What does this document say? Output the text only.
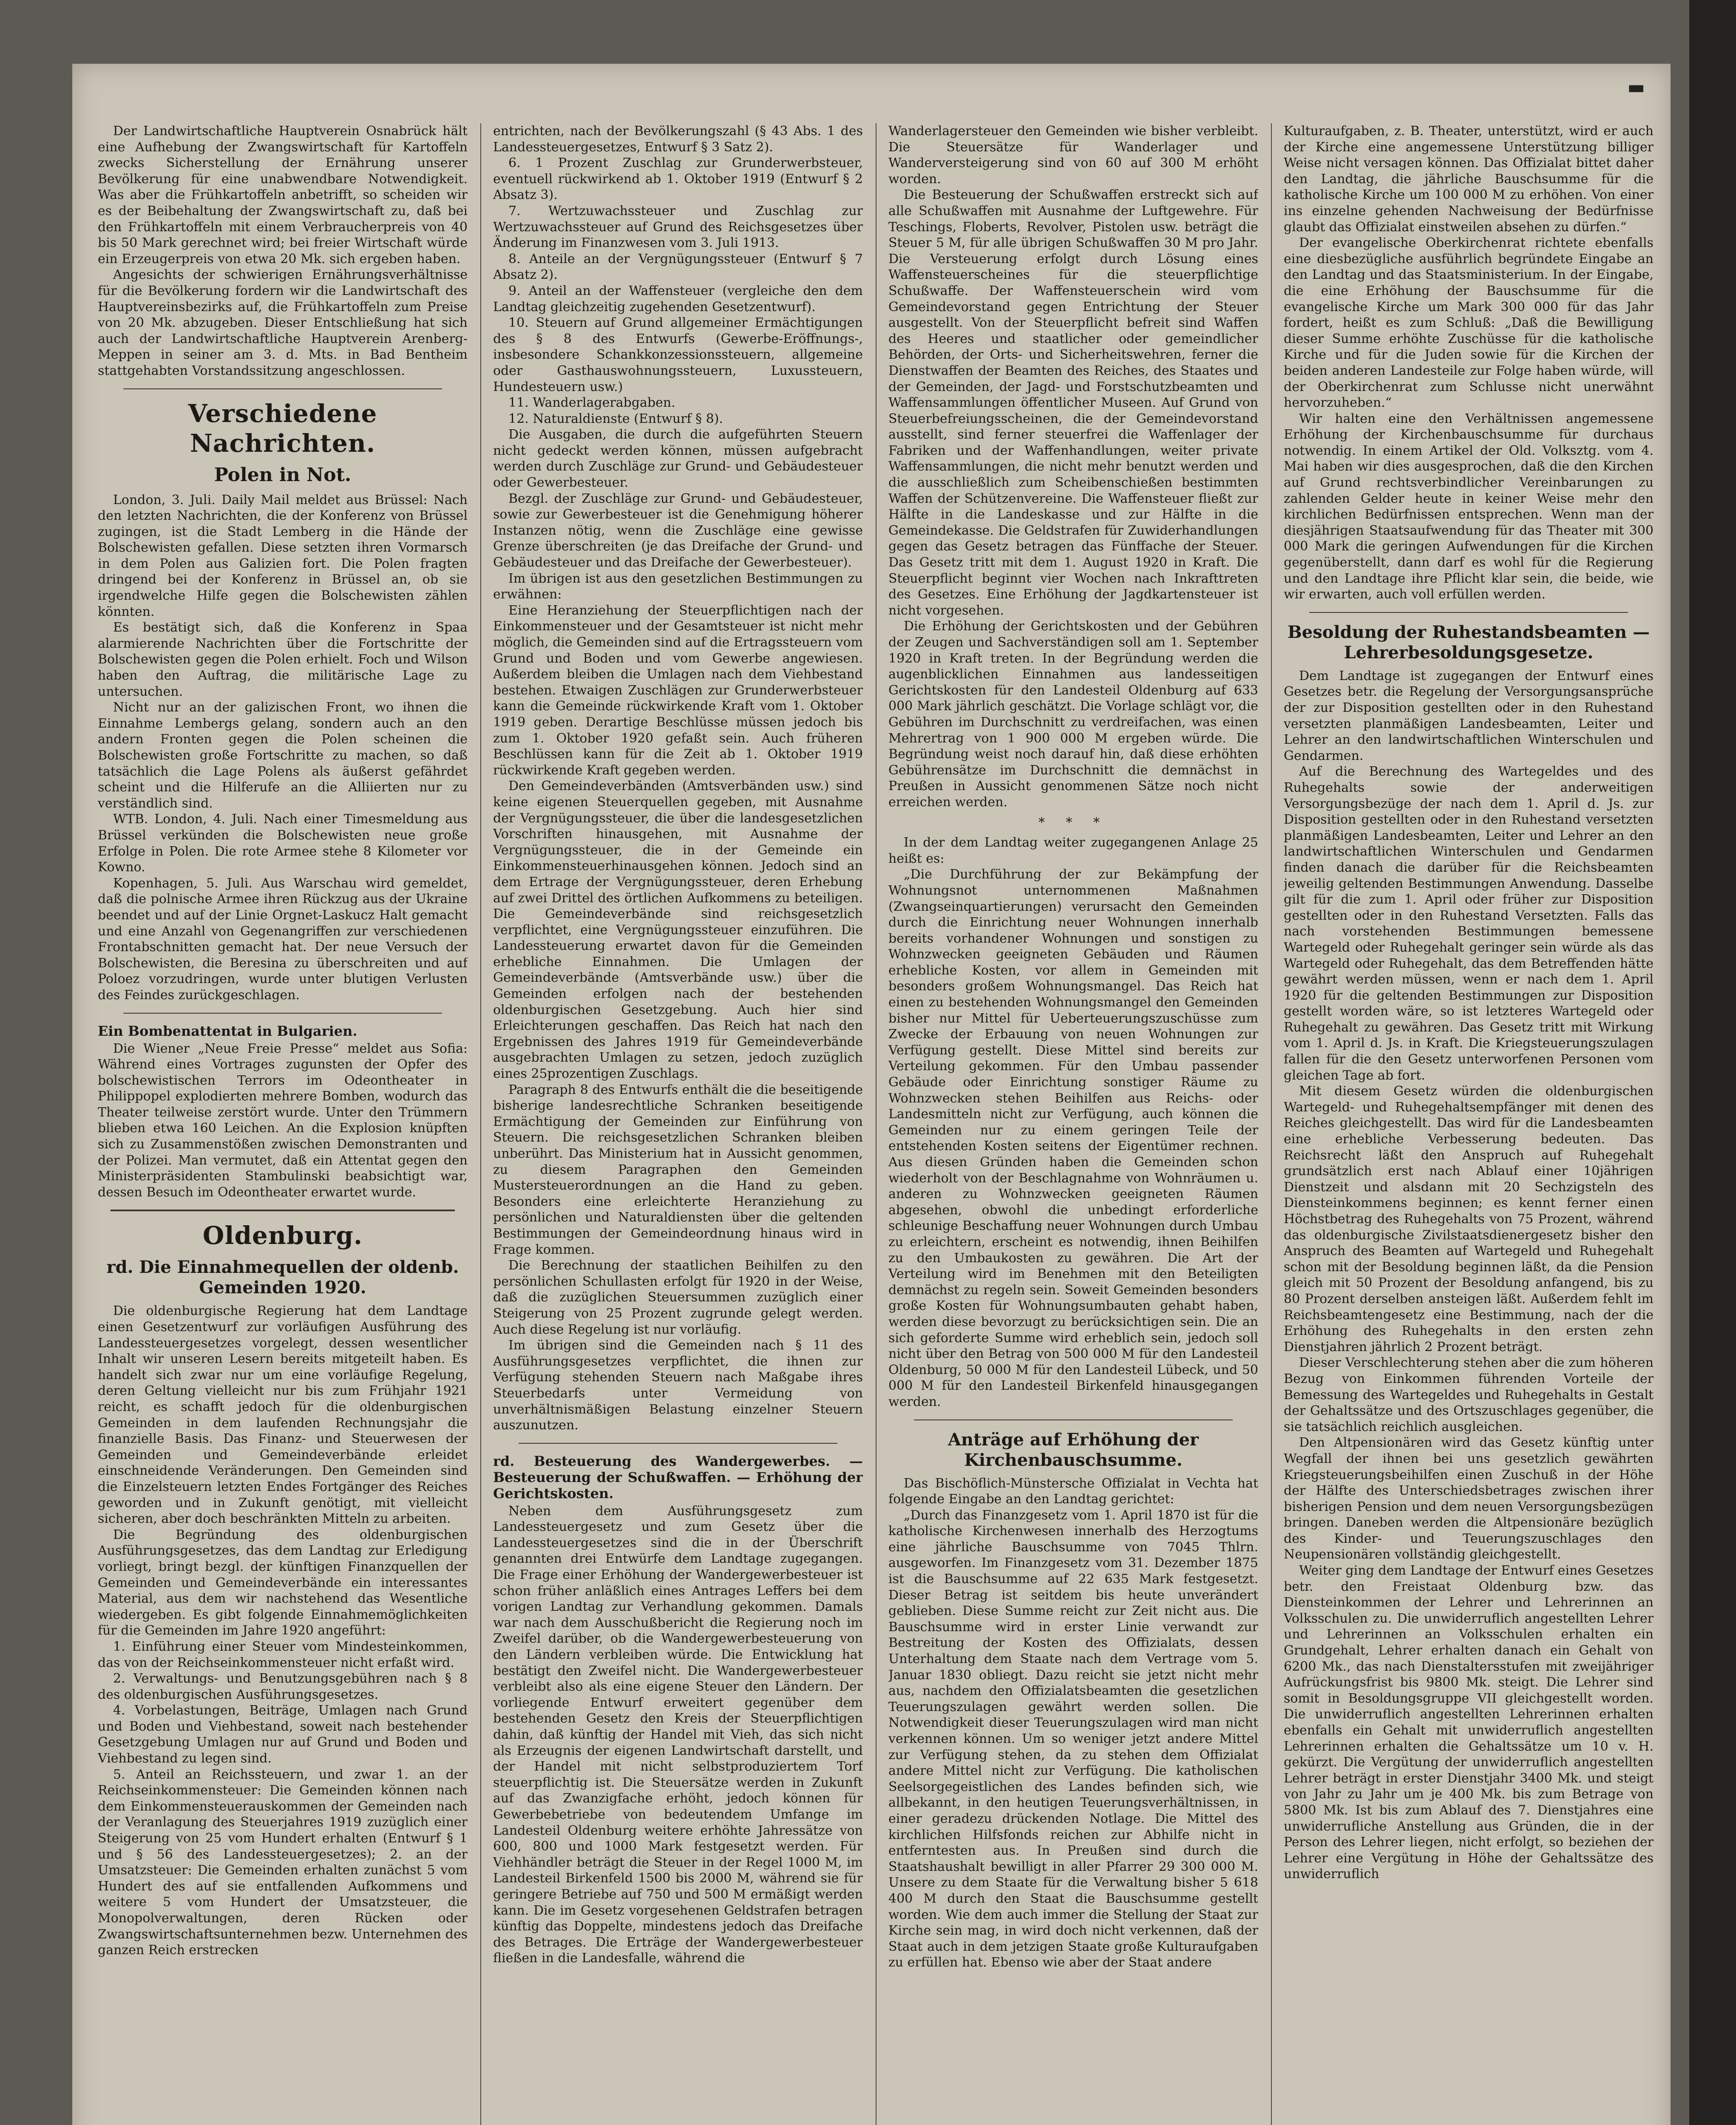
▬

Der Landwirtschaftliche Hauptverein Osnabrück hält eine Aufhebung der Zwangswirtschaft für Kartoffeln zwecks Sicherstellung der Ernährung unserer Bevölkerung für eine unabwendbare Notwendigkeit. Was aber die Frühkartoffeln anbetrifft, so scheiden wir es der Beibehaltung der Zwangswirtschaft zu, daß bei den Frühkartoffeln mit einem Verbraucherpreis von 40 bis 50 Mark gerechnet wird; bei freier Wirtschaft würde ein Erzeugerpreis von etwa 20 Mk. sich ergeben haben.

Angesichts der schwierigen Ernährungsverhältnisse für die Bevölkerung fordern wir die Landwirtschaft des Hauptvereinsbezirks auf, die Frühkartoffeln zum Preise von 20 Mk. abzugeben. Dieser Entschließung hat sich auch der Landwirtschaftliche Hauptverein Arenberg-Meppen in seiner am 3. d. Mts. in Bad Bentheim stattgehabten Vorstandssitzung angeschlossen.

Verschiedene Nachrichten.
Polen in Not.

London, 3. Juli. Daily Mail meldet aus Brüssel: Nach den letzten Nachrichten, die der Konferenz von Brüssel zugingen, ist die Stadt Lemberg in die Hände der Bolschewisten gefallen. Diese setzten ihren Vormarsch in dem Polen aus Galizien fort. Die Polen fragten dringend bei der Konferenz in Brüssel an, ob sie irgendwelche Hilfe gegen die Bolschewisten zählen könnten.

Es bestätigt sich, daß die Konferenz in Spaa alarmierende Nachrichten über die Fortschritte der Bolschewisten gegen die Polen erhielt. Foch und Wilson haben den Auftrag, die militärische Lage zu untersuchen.

Nicht nur an der galizischen Front, wo ihnen die Einnahme Lembergs gelang, sondern auch an den andern Fronten gegen die Polen scheinen die Bolschewisten große Fortschritte zu machen, so daß tatsächlich die Lage Polens als äußerst gefährdet scheint und die Hilferufe an die Alliierten nur zu verständlich sind.

WTB. London, 4. Juli. Nach einer Timesmeldung aus Brüssel verkünden die Bolschewisten neue große Erfolge in Polen. Die rote Armee stehe 8 Kilometer vor Kowno.

Kopenhagen, 5. Juli. Aus Warschau wird gemeldet, daß die polnische Armee ihren Rückzug aus der Ukraine beendet und auf der Linie Orgnet-Laskucz Halt gemacht und eine Anzahl von Gegenangriffen zur verschiedenen Frontabschnitten gemacht hat. Der neue Versuch der Bolschewisten, die Beresina zu überschreiten und auf Poloez vorzudringen, wurde unter blutigen Verlusten des Feindes zurückgeschlagen.

Ein Bombenattentat in Bulgarien.

Die Wiener „Neue Freie Presse“ meldet aus Sofia: Während eines Vortrages zugunsten der Opfer des bolschewistischen Terrors im Odeontheater in Philippopel explodierten mehrere Bomben, wodurch das Theater teilweise zerstört wurde. Unter den Trümmern blieben etwa 160 Leichen. An die Explosion knüpften sich zu Zusammenstößen zwischen Demonstranten und der Polizei. Man vermutet, daß ein Attentat gegen den Ministerpräsidenten Stambulinski beabsichtigt war, dessen Besuch im Odeontheater erwartet wurde.

Oldenburg.
rd. Die Einnahmequellen der oldenb. Gemeinden 1920.

Die oldenburgische Regierung hat dem Landtage einen Gesetzentwurf zur vorläufigen Ausführung des Landessteuergesetzes vorgelegt, dessen wesentlicher Inhalt wir unseren Lesern bereits mitgeteilt haben. Es handelt sich zwar nur um eine vorläufige Regelung, deren Geltung vielleicht nur bis zum Frühjahr 1921 reicht, es schafft jedoch für die oldenburgischen Gemeinden in dem laufenden Rechnungsjahr die finanzielle Basis. Das Finanz- und Steuerwesen der Gemeinden und Gemeindeverbände erleidet einschneidende Veränderungen. Den Gemeinden sind die Einzelsteuern letzten Endes Fortgänger des Reiches geworden und in Zukunft genötigt, mit vielleicht sicheren, aber doch beschränkten Mitteln zu arbeiten.

Die Begründung des oldenburgischen Ausführungsgesetzes, das dem Landtag zur Erledigung vorliegt, bringt bezgl. der künftigen Finanzquellen der Gemeinden und Gemeindeverbände ein interessantes Material, aus dem wir nachstehend das Wesentliche wiedergeben. Es gibt folgende Einnahmemöglichkeiten für die Gemeinden im Jahre 1920 angeführt:

1. Einführung einer Steuer vom Mindesteinkommen, das von der Reichseinkommensteuer nicht erfaßt wird.

2. Verwaltungs- und Benutzungsgebühren nach § 8 des oldenburgischen Ausführungsgesetzes.

4. Vorbelastungen, Beiträge, Umlagen nach Grund und Boden und Viehbestand, soweit nach bestehender Gesetzgebung Umlagen nur auf Grund und Boden und Viehbestand zu legen sind.

5. Anteil an Reichssteuern, und zwar 1. an der Reichseinkommensteuer: Die Gemeinden können nach dem Einkommensteuerauskommen der Gemeinden nach der Veranlagung des Steuerjahres 1919 zuzüglich einer Steigerung von 25 vom Hundert erhalten (Entwurf § 1 und § 56 des Landessteuergesetzes); 2. an der Umsatzsteuer: Die Gemeinden erhalten zunächst 5 vom Hundert des auf sie entfallenden Aufkommens und weitere 5 vom Hundert der Umsatzsteuer, die Monopolverwaltungen, deren Rücken oder Zwangswirtschaftsunternehmen bezw. Unternehmen des ganzen Reich erstrecken

entrichten, nach der Bevölkerungszahl (§ 43 Abs. 1 des Landessteuergesetzes, Entwurf § 3 Satz 2).

6. 1 Prozent Zuschlag zur Grunderwerbsteuer, eventuell rückwirkend ab 1. Oktober 1919 (Entwurf § 2 Absatz 3).

7. Wertzuwachssteuer und Zuschlag zur Wertzuwachssteuer auf Grund des Reichsgesetzes über Änderung im Finanzwesen vom 3. Juli 1913.

8. Anteile an der Vergnügungssteuer (Entwurf § 7 Absatz 2).

9. Anteil an der Waffensteuer (vergleiche den dem Landtag gleichzeitig zugehenden Gesetzentwurf).

10. Steuern auf Grund allgemeiner Ermächtigungen des § 8 des Entwurfs (Gewerbe-Eröffnungs-, insbesondere Schankkonzessionssteuern, allgemeine oder Gasthauswohnungssteuern, Luxussteuern, Hundesteuern usw.)

11. Wanderlagerabgaben.

12. Naturaldienste (Entwurf § 8).

Die Ausgaben, die durch die aufgeführten Steuern nicht gedeckt werden können, müssen aufgebracht werden durch Zuschläge zur Grund- und Gebäudesteuer oder Gewerbesteuer.

Bezgl. der Zuschläge zur Grund- und Gebäudesteuer, sowie zur Gewerbesteuer ist die Genehmigung höherer Instanzen nötig, wenn die Zuschläge eine gewisse Grenze überschreiten (je das Dreifache der Grund- und Gebäudesteuer und das Dreifache der Gewerbesteuer).

Im übrigen ist aus den gesetzlichen Bestimmungen zu erwähnen:

Eine Heranziehung der Steuerpflichtigen nach der Einkommensteuer und der Gesamtsteuer ist nicht mehr möglich, die Gemeinden sind auf die Ertragssteuern vom Grund und Boden und vom Gewerbe angewiesen. Außerdem bleiben die Umlagen nach dem Viehbestand bestehen. Etwaigen Zuschlägen zur Grunderwerbsteuer kann die Gemeinde rückwirkende Kraft vom 1. Oktober 1919 geben. Derartige Beschlüsse müssen jedoch bis zum 1. Oktober 1920 gefaßt sein. Auch früheren Beschlüssen kann für die Zeit ab 1. Oktober 1919 rückwirkende Kraft gegeben werden.

Den Gemeindeverbänden (Amtsverbänden usw.) sind keine eigenen Steuerquellen gegeben, mit Ausnahme der Vergnügungssteuer, die über die landesgesetzlichen Vorschriften hinausgehen, mit Ausnahme der Vergnügungssteuer, die in der Gemeinde ein Einkommensteuerhinausgehen können. Jedoch sind an dem Ertrage der Vergnügungssteuer, deren Erhebung auf zwei Drittel des örtlichen Aufkommens zu beteiligen. Die Gemeindeverbände sind reichsgesetzlich verpflichtet, eine Vergnügungssteuer einzuführen. Die Landessteuerung erwartet davon für die Gemeinden erhebliche Einnahmen. Die Umlagen der Gemeindeverbände (Amtsverbände usw.) über die Gemeinden erfolgen nach der bestehenden oldenburgischen Gesetzgebung. Auch hier sind Erleichterungen geschaffen. Das Reich hat nach den Ergebnissen des Jahres 1919 für Gemeindeverbände ausgebrachten Umlagen zu setzen, jedoch zuzüglich eines 25prozentigen Zuschlags.

Paragraph 8 des Entwurfs enthält die die beseitigende bisherige landesrechtliche Schranken beseitigende Ermächtigung der Gemeinden zur Einführung von Steuern. Die reichsgesetzlichen Schranken bleiben unberührt. Das Ministerium hat in Aussicht genommen, zu diesem Paragraphen den Gemeinden Mustersteuerordnungen an die Hand zu geben. Besonders eine erleichterte Heranziehung zu persönlichen und Naturaldiensten über die geltenden Bestimmungen der Gemeindeordnung hinaus wird in Frage kommen.

Die Berechnung der staatlichen Beihilfen zu den persönlichen Schullasten erfolgt für 1920 in der Weise, daß die zuzüglichen Steuersummen zuzüglich einer Steigerung von 25 Prozent zugrunde gelegt werden. Auch diese Regelung ist nur vorläufig.

Im übrigen sind die Gemeinden nach § 11 des Ausführungsgesetzes verpflichtet, die ihnen zur Verfügung stehenden Steuern nach Maßgabe ihres Steuerbedarfs unter Vermeidung von unverhältnismäßigen Belastung einzelner Steuern auszunutzen.

rd. Besteuerung des Wandergewerbes. — Besteuerung der Schußwaffen. — Erhöhung der Gerichtskosten.

Neben dem Ausführungsgesetz zum Landessteuergesetz und zum Gesetz über die Landessteuergesetzes sind die in der Überschrift genannten drei Entwürfe dem Landtage zugegangen. Die Frage einer Erhöhung der Wandergewerbesteuer ist schon früher anläßlich eines Antrages Leffers bei dem vorigen Landtag zur Verhandlung gekommen. Damals war nach dem Ausschußbericht die Regierung noch im Zweifel darüber, ob die Wandergewerbesteuerung von den Ländern verbleiben würde. Die Entwicklung hat bestätigt den Zweifel nicht. Die Wandergewerbesteuer verbleibt also als eine eigene Steuer den Ländern. Der vorliegende Entwurf erweitert gegenüber dem bestehenden Gesetz den Kreis der Steuerpflichtigen dahin, daß künftig der Handel mit Vieh, das sich nicht als Erzeugnis der eigenen Landwirtschaft darstellt, und der Handel mit nicht selbstproduziertem Torf steuerpflichtig ist. Die Steuersätze werden in Zukunft auf das Zwanzigfache erhöht, jedoch können für Gewerbebetriebe von bedeutendem Umfange im Landesteil Oldenburg weitere erhöhte Jahressätze von 600, 800 und 1000 Mark festgesetzt werden. Für Viehhändler beträgt die Steuer in der Regel 1000 M, im Landesteil Birkenfeld 1500 bis 2000 M, während sie für geringere Betriebe auf 750 und 500 M ermäßigt werden kann. Die im Gesetz vorgesehenen Geldstrafen betragen künftig das Doppelte, mindestens jedoch das Dreifache des Betrages. Die Erträge der Wandergewerbesteuer fließen in die Landesfalle, während die

Wanderlagersteuer den Gemeinden wie bisher verbleibt. Die Steuersätze für Wanderlager und Wanderversteigerung sind von 60 auf 300 M erhöht worden.

Die Besteuerung der Schußwaffen erstreckt sich auf alle Schußwaffen mit Ausnahme der Luftgewehre. Für Teschings, Floberts, Revolver, Pistolen usw. beträgt die Steuer 5 M, für alle übrigen Schußwaffen 30 M pro Jahr. Die Versteuerung erfolgt durch Lösung eines Waffensteuerscheines für die steuerpflichtige Schußwaffe. Der Waffensteuerschein wird vom Gemeindevorstand gegen Entrichtung der Steuer ausgestellt. Von der Steuerpflicht befreit sind Waffen des Heeres und staatlicher oder gemeindlicher Behörden, der Orts- und Sicherheitswehren, ferner die Dienstwaffen der Beamten des Reiches, des Staates und der Gemeinden, der Jagd- und Forstschutzbeamten und Waffensammlungen öffentlicher Museen. Auf Grund von Steuerbefreiungsscheinen, die der Gemeindevorstand ausstellt, sind ferner steuerfrei die Waffenlager der Fabriken und der Waffenhandlungen, weiter private Waffensammlungen, die nicht mehr benutzt werden und die ausschließlich zum Scheibenschießen bestimmten Waffen der Schützenvereine. Die Waffensteuer fließt zur Hälfte in die Landeskasse und zur Hälfte in die Gemeindekasse. Die Geldstrafen für Zuwiderhandlungen gegen das Gesetz betragen das Fünffache der Steuer. Das Gesetz tritt mit dem 1. August 1920 in Kraft. Die Steuerpflicht beginnt vier Wochen nach Inkrafttreten des Gesetzes. Eine Erhöhung der Jagdkartensteuer ist nicht vorgesehen.

Die Erhöhung der Gerichtskosten und der Gebühren der Zeugen und Sachverständigen soll am 1. September 1920 in Kraft treten. In der Begründung werden die augenblicklichen Einnahmen aus landesseitigen Gerichtskosten für den Landesteil Oldenburg auf 633 000 Mark jährlich geschätzt. Die Vorlage schlägt vor, die Gebühren im Durchschnitt zu verdreifachen, was einen Mehrertrag von 1 900 000 M ergeben würde. Die Begründung weist noch darauf hin, daß diese erhöhten Gebührensätze im Durchschnitt die demnächst in Preußen in Aussicht genommenen Sätze noch nicht erreichen werden.

* * *

In der dem Landtag weiter zugegangenen Anlage 25 heißt es:

„Die Durchführung der zur Bekämpfung der Wohnungsnot unternommenen Maßnahmen (Zwangseinquartierungen) verursacht den Gemeinden durch die Einrichtung neuer Wohnungen innerhalb bereits vorhandener Wohnungen und sonstigen zu Wohnzwecken geeigneten Gebäuden und Räumen erhebliche Kosten, vor allem in Gemeinden mit besonders großem Wohnungsmangel. Das Reich hat einen zu bestehenden Wohnungsmangel den Gemeinden bisher nur Mittel für Ueberteuerungszuschüsse zum Zwecke der Erbauung von neuen Wohnungen zur Verfügung gestellt. Diese Mittel sind bereits zur Verteilung gekommen. Für den Umbau passender Gebäude oder Einrichtung sonstiger Räume zu Wohnzwecken stehen Beihilfen aus Reichs- oder Landesmitteln nicht zur Verfügung, auch können die Gemeinden nur zu einem geringen Teile der entstehenden Kosten seitens der Eigentümer rechnen. Aus diesen Gründen haben die Gemeinden schon wiederholt von der Beschlagnahme von Wohnräumen u. anderen zu Wohnzwecken geeigneten Räumen abgesehen, obwohl die unbedingt erforderliche schleunige Beschaffung neuer Wohnungen durch Umbau zu erleichtern, erscheint es notwendig, ihnen Beihilfen zu den Umbaukosten zu gewähren. Die Art der Verteilung wird im Benehmen mit den Beteiligten demnächst zu regeln sein. Soweit Gemeinden besonders große Kosten für Wohnungsumbauten gehabt haben, werden diese bevorzugt zu berücksichtigen sein. Die an sich geforderte Summe wird erheblich sein, jedoch soll nicht über den Betrag von 500 000 M für den Landesteil Oldenburg, 50 000 M für den Landesteil Lübeck, und 50 000 M für den Landesteil Birkenfeld hinausgegangen werden.

Anträge auf Erhöhung der Kirchenbauschsumme.

Das Bischöflich-Münstersche Offizialat in Vechta hat folgende Eingabe an den Landtag gerichtet:

„Durch das Finanzgesetz vom 1. April 1870 ist für die katholische Kirchenwesen innerhalb des Herzogtums eine jährliche Bauschsumme von 7045 Thlrn. ausgeworfen. Im Finanzgesetz vom 31. Dezember 1875 ist die Bauschsumme auf 22 635 Mark festgesetzt. Dieser Betrag ist seitdem bis heute unverändert geblieben. Diese Summe reicht zur Zeit nicht aus. Die Bauschsumme wird in erster Linie verwandt zur Bestreitung der Kosten des Offizialats, dessen Unterhaltung dem Staate nach dem Vertrage vom 5. Januar 1830 obliegt. Dazu reicht sie jetzt nicht mehr aus, nachdem den Offizialatsbeamten die gesetzlichen Teuerungszulagen gewährt werden sollen. Die Notwendigkeit dieser Teuerungszulagen wird man nicht verkennen können. Um so weniger jetzt andere Mittel zur Verfügung stehen, da zu stehen dem Offizialat andere Mittel nicht zur Verfügung. Die katholischen Seelsorgegeistlichen des Landes befinden sich, wie allbekannt, in den heutigen Teuerungsverhältnissen, in einer geradezu drückenden Notlage. Die Mittel des kirchlichen Hilfsfonds reichen zur Abhilfe nicht in entferntesten aus. In Preußen sind durch die Staatshaushalt bewilligt in aller Pfarrer 29 300 000 M. Unsere zu dem Staate für die Verwaltung bisher 5 618 400 M durch den Staat die Bauschsumme gestellt worden. Wie dem auch immer die Stellung der Staat zur Kirche sein mag, in wird doch nicht verkennen, daß der Staat auch in dem jetzigen Staate große Kulturaufgaben zu erfüllen hat. Ebenso wie aber der Staat andere

Kulturaufgaben, z. B. Theater, unterstützt, wird er auch der Kirche eine angemessene Unterstützung billiger Weise nicht versagen können. Das Offizialat bittet daher den Landtag, die jährliche Bauschsumme für die katholische Kirche um 100 000 M zu erhöhen. Von einer ins einzelne gehenden Nachweisung der Bedürfnisse glaubt das Offizialat einstweilen absehen zu dürfen.“

Der evangelische Oberkirchenrat richtete ebenfalls eine diesbezügliche ausführlich begründete Eingabe an den Landtag und das Staatsministerium. In der Eingabe, die eine Erhöhung der Bauschsumme für die evangelische Kirche um Mark 300 000 für das Jahr fordert, heißt es zum Schluß: „Daß die Bewilligung dieser Summe erhöhte Zuschüsse für die katholische Kirche und für die Juden sowie für die Kirchen der beiden anderen Landesteile zur Folge haben würde, will der Oberkirchenrat zum Schlusse nicht unerwähnt hervorzuheben.“

Wir halten eine den Verhältnissen angemessene Erhöhung der Kirchenbauschsumme für durchaus notwendig. In einem Artikel der Old. Volksztg. vom 4. Mai haben wir dies ausgesprochen, daß die den Kirchen auf Grund rechtsverbindlicher Vereinbarungen zu zahlenden Gelder heute in keiner Weise mehr den kirchlichen Bedürfnissen entsprechen. Wenn man der diesjährigen Staatsaufwendung für das Theater mit 300 000 Mark die geringen Aufwendungen für die Kirchen gegenüberstellt, dann darf es wohl für die Regierung und den Landtage ihre Pflicht klar sein, die beide, wie wir erwarten, auch voll erfüllen werden.

Besoldung der Ruhestandsbeamten — Lehrerbesoldungsgesetze.

Dem Landtage ist zugegangen der Entwurf eines Gesetzes betr. die Regelung der Versorgungsansprüche der zur Disposition gestellten oder in den Ruhestand versetzten planmäßigen Landesbeamten, Leiter und Lehrer an den landwirtschaftlichen Winterschulen und Gendarmen.

Auf die Berechnung des Wartegeldes und des Ruhegehalts sowie der anderweitigen Versorgungsbezüge der nach dem 1. April d. Js. zur Disposition gestellten oder in den Ruhestand versetzten planmäßigen Landesbeamten, Leiter und Lehrer an den landwirtschaftlichen Winterschulen und Gendarmen finden danach die darüber für die Reichsbeamten jeweilig geltenden Bestimmungen Anwendung. Dasselbe gilt für die zum 1. April oder früher zur Disposition gestellten oder in den Ruhestand Versetzten. Falls das nach vorstehenden Bestimmungen bemessene Wartegeld oder Ruhegehalt geringer sein würde als das Wartegeld oder Ruhegehalt, das dem Betreffenden hätte gewährt werden müssen, wenn er nach dem 1. April 1920 für die geltenden Bestimmungen zur Disposition gestellt worden wäre, so ist letzteres Wartegeld oder Ruhegehalt zu gewähren. Das Gesetz tritt mit Wirkung vom 1. April d. Js. in Kraft. Die Kriegsteuerungszulagen fallen für die den Gesetz unterworfenen Personen vom gleichen Tage ab fort.

Mit diesem Gesetz würden die oldenburgischen Wartegeld- und Ruhegehaltsempfänger mit denen des Reiches gleichgestellt. Das wird für die Landesbeamten eine erhebliche Verbesserung bedeuten. Das Reichsrecht läßt den Anspruch auf Ruhegehalt grundsätzlich erst nach Ablauf einer 10jährigen Dienstzeit und alsdann mit 20 Sechzigsteln des Diensteinkommens beginnen; es kennt ferner einen Höchstbetrag des Ruhegehalts von 75 Prozent, während das oldenburgische Zivilstaatsdienergesetz bisher den Anspruch des Beamten auf Wartegeld und Ruhegehalt schon mit der Besoldung beginnen läßt, da die Pension gleich mit 50 Prozent der Besoldung anfangend, bis zu 80 Prozent derselben ansteigen läßt. Außerdem fehlt im Reichsbeamtengesetz eine Bestimmung, nach der die Erhöhung des Ruhegehalts in den ersten zehn Dienstjahren jährlich 2 Prozent beträgt.

Dieser Verschlechterung stehen aber die zum höheren Bezug von Einkommen führenden Vorteile der Bemessung des Wartegeldes und Ruhegehalts in Gestalt der Gehaltssätze und des Ortszuschlages gegenüber, die sie tatsächlich reichlich ausgleichen.

Den Altpensionären wird das Gesetz künftig unter Wegfall der ihnen bei uns gesetzlich gewährten Kriegsteuerungsbeihilfen einen Zuschuß in der Höhe der Hälfte des Unterschiedsbetrages zwischen ihrer bisherigen Pension und dem neuen Versorgungsbezügen bringen. Daneben werden die Altpensionäre bezüglich des Kinder- und Teuerungszuschlages den Neupensionären vollständig gleichgestellt.

Weiter ging dem Landtage der Entwurf eines Gesetzes betr. den Freistaat Oldenburg bzw. das Diensteinkommen der Lehrer und Lehrerinnen an Volksschulen zu. Die unwiderruflich angestellten Lehrer und Lehrerinnen an Volksschulen erhalten ein Grundgehalt, Lehrer erhalten danach ein Gehalt von 6200 Mk., das nach Dienstaltersstufen mit zweijähriger Aufrückungsfrist bis 9800 Mk. steigt. Die Lehrer sind somit in Besoldungsgruppe VII gleichgestellt worden. Die unwiderruflich angestellten Lehrerinnen erhalten ebenfalls ein Gehalt mit unwiderruflich angestellten Lehrerinnen erhalten die Gehaltssätze um 10 v. H. gekürzt. Die Vergütung der unwiderruflich angestellten Lehrer beträgt in erster Dienstjahr 3400 Mk. und steigt von Jahr zu Jahr um je 400 Mk. bis zum Betrage von 5800 Mk. Ist bis zum Ablauf des 7. Dienstjahres eine unwiderrufliche Anstellung aus Gründen, die in der Person des Lehrer liegen, nicht erfolgt, so beziehen der Lehrer eine Vergütung in Höhe der Gehaltssätze des unwiderruflich
